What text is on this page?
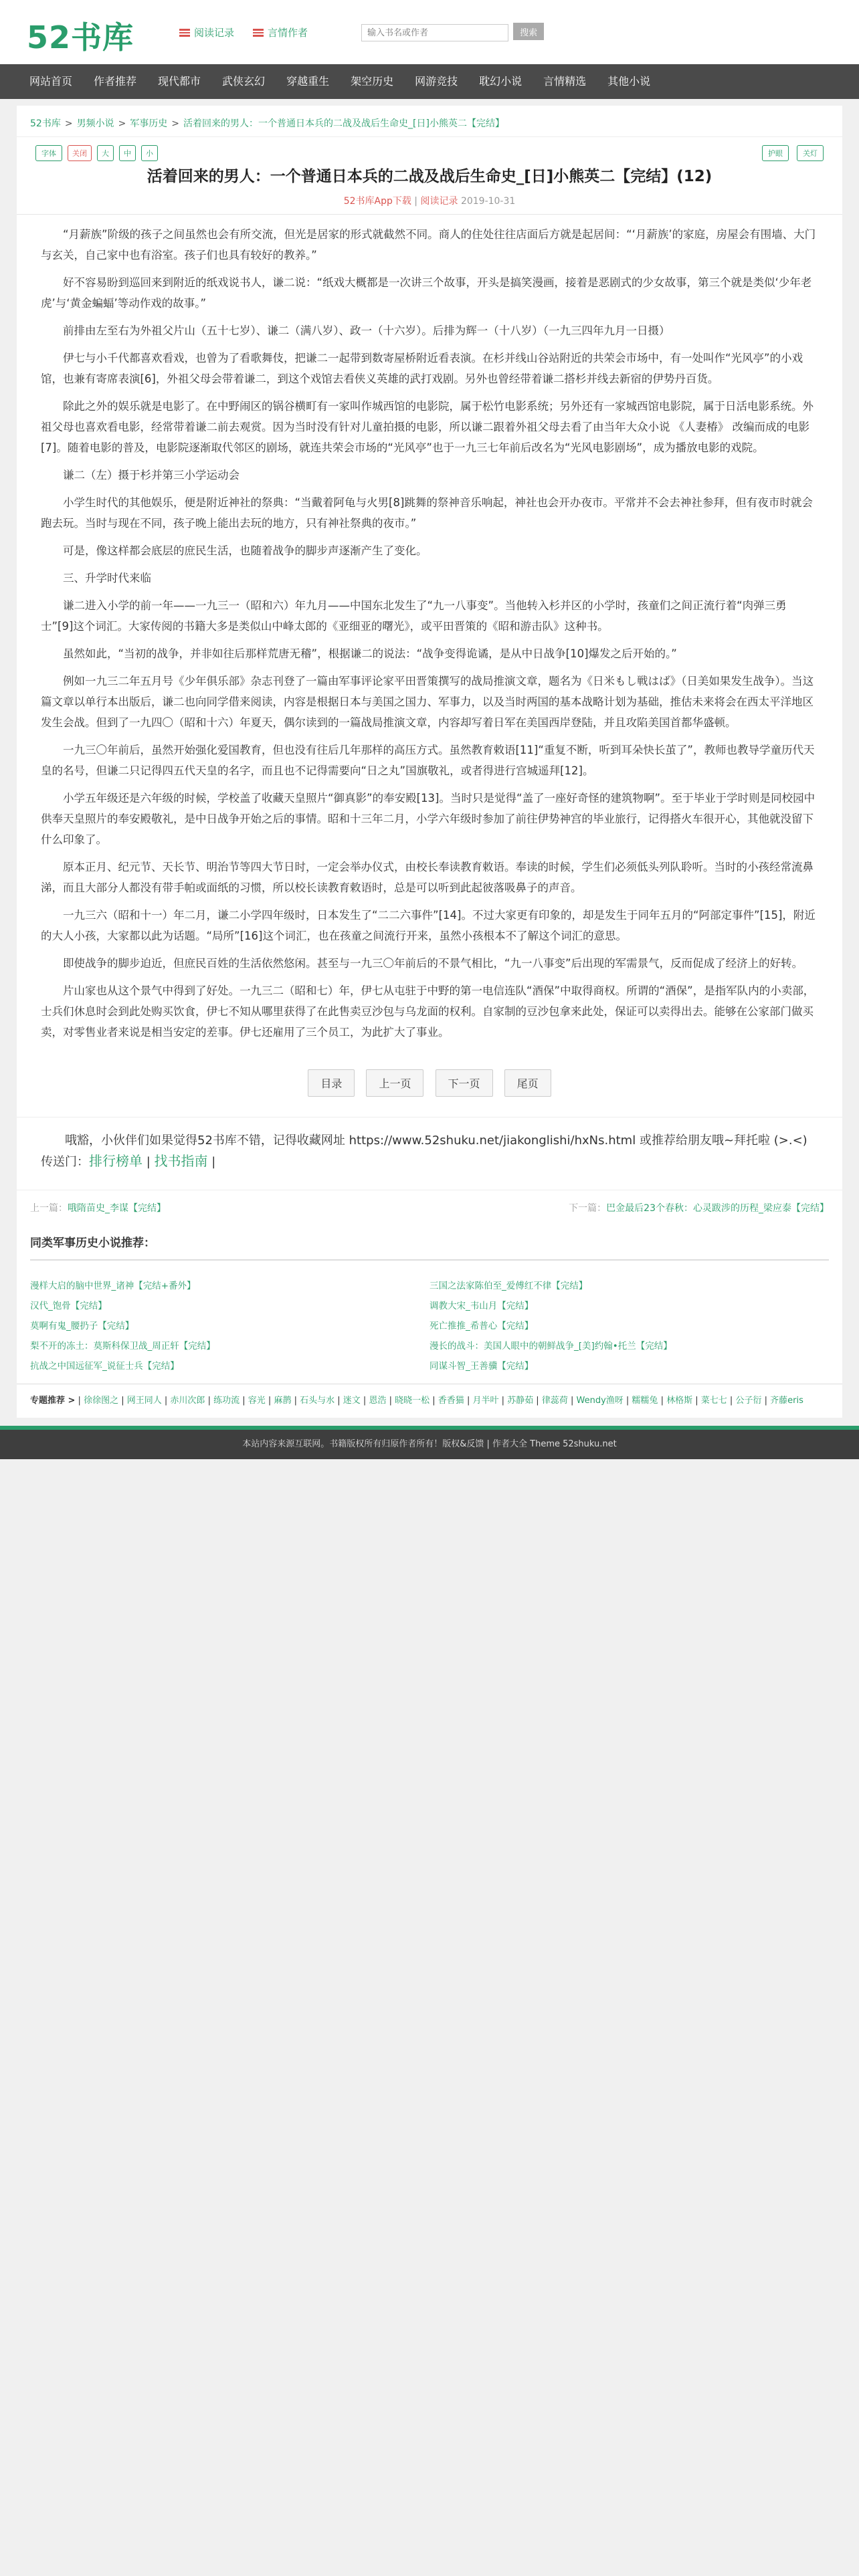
52书库	阅读记录	言情作者
输入书名或作者	搜索
网站首页	作者推荐	现代都市	武侠玄幻	穿越重生	架空历史	网游竞技	耽幻小说	言情精选	其他小说
52书库 > 男频小说 > 军事历史 > 活着回来的男人：一个普通日本兵的二战及战后生命史_[日]小熊英二【完结】
字体	关闭	大	中	小	护眼	关灯
活着回来的男人：一个普通日本兵的二战及战后生命史_[日]小熊英二【完结】(12)
52书库App下载 | 阅读记录 2019-10-31

“月薪族”阶级的孩子之间虽然也会有所交流，但光是居家的形式就截然不同。商人的住处往往店面后方就是起居间：“‘月薪族’的家庭，房屋会有围墙、大门与玄关，自己家中也有浴室。孩子们也具有较好的教养。”

好不容易盼到巡回来到附近的纸戏说书人，谦二说：“纸戏大概都是一次讲三个故事，开头是搞笑漫画，接着是恶剧式的少女故事，第三个就是类似‘少年老虎’与‘黄金蝙蝠’等动作戏的故事。”

前排由左至右为外祖父片山（五十七岁）、谦二（满八岁）、政一（十六岁）。后排为辉一（十八岁）（一九三四年九月一日摄）

伊七与小千代都喜欢看戏，也曾为了看歌舞伎，把谦二一起带到数寄屋桥附近看表演。在杉并线山谷站附近的共荣会市场中，有一处叫作“光风亭”的小戏馆，也兼有寄席表演[6]，外祖父母会带着谦二，到这个戏馆去看侠义英雄的武打戏剧。另外也曾经带着谦二搭杉并线去新宿的伊势丹百货。

除此之外的娱乐就是电影了。在中野闹区的锅谷横町有一家叫作城西馆的电影院，属于松竹电影系统；另外还有一家城西馆电影院，属于日活电影系统。外祖父母也喜欢看电影，经常带着谦二前去观赏。因为当时没有针对儿童拍摄的电影，所以谦二跟着外祖父母去看了由当年大众小说 《人妻椿》 改编而成的电影[7]。随着电影的普及，电影院逐渐取代邻区的剧场，就连共荣会市场的“光风亭”也于一九三七年前后改名为“光风电影剧场”，成为播放电影的戏院。

谦二（左）摄于杉并第三小学运动会

小学生时代的其他娱乐，便是附近神社的祭典：“当戴着阿龟与火男[8]跳舞的祭神音乐响起，神社也会开办夜市。平常并不会去神社参拜，但有夜市时就会跑去玩。当时与现在不同，孩子晚上能出去玩的地方，只有神社祭典的夜市。”

可是，像这样都会底层的庶民生活，也随着战争的脚步声逐渐产生了变化。

三、升学时代来临

谦二进入小学的前一年——一九三一（昭和六）年九月——中国东北发生了“九一八事变”。当他转入杉并区的小学时，孩童们之间正流行着“肉弹三勇士”[9]这个词汇。大家传阅的书籍大多是类似山中峰太郎的《亚细亚的曙光》，或平田晋策的《昭和游击队》这种书。

虽然如此，“当初的战争，并非如往后那样荒唐无稽”，根据谦二的说法：“战争变得诡谲，是从中日战争[10]爆发之后开始的。”

例如一九三二年五月号《少年俱乐部》杂志刊登了一篇由军事评论家平田晋策撰写的战局推演文章，题名为《日米もし戦はば》（日美如果发生战争）。当这篇文章以单行本出版后，谦二也向同学借来阅读，内容是根据日本与美国之国力、军事力，以及当时两国的基本战略计划为基础，推估未来将会在西太平洋地区发生会战。但到了一九四〇（昭和十六）年夏天，偶尔读到的一篇战局推演文章，内容却写着日军在美国西岸登陆，并且攻陷美国首都华盛顿。

一九三〇年前后，虽然开始强化爱国教育，但也没有往后几年那样的高压方式。虽然教育敕语[11]“重复不断，听到耳朵快长茧了”，教师也教导学童历代天皇的名号，但谦二只记得四五代天皇的名字，而且也不记得需要向“日之丸”国旗敬礼，或者得进行宫城遥拜[12]。

小学五年级还是六年级的时候，学校盖了收藏天皇照片“御真影”的奉安殿[13]。当时只是觉得“盖了一座好奇怪的建筑物啊”。至于毕业于学时则是同校园中供奉天皇照片的奉安殿敬礼，是中日战争开始之后的事情。昭和十三年二月，小学六年级时参加了前往伊势神宫的毕业旅行，记得搭火车很开心，其他就没留下什么印象了。

原本正月、纪元节、天长节、明治节等四大节日时，一定会举办仪式，由校长奉读教育敕语。奉读的时候，学生们必须低头列队聆听。当时的小孩经常流鼻涕，而且大部分人都没有带手帕或面纸的习惯，所以校长读教育敕语时，总是可以听到此起彼落吸鼻子的声音。

一九三六（昭和十一）年二月，谦二小学四年级时，日本发生了“二二六事件”[14]。不过大家更有印象的，却是发生于同年五月的“阿部定事件”[15]，附近的大人小孩，大家都以此为话题。“局所”[16]这个词汇，也在孩童之间流行开来，虽然小孩根本不了解这个词汇的意思。

即使战争的脚步迫近，但庶民百姓的生活依然悠闲。甚至与一九三〇年前后的不景气相比，“九一八事变”后出现的军需景气，反而促成了经济上的好转。

片山家也从这个景气中得到了好处。一九三二（昭和七）年，伊七从屯驻于中野的第一电信连队“酒保”中取得商权。所谓的“酒保”，是指军队内的小卖部，士兵们休息时会到此处购买饮食，伊七不知从哪里获得了在此售卖豆沙包与乌龙面的权利。自家制的豆沙包拿来此处，保证可以卖得出去。能够在公家部门做买卖，对零售业者来说是相当安定的差事。伊七还雇用了三个员工，为此扩大了事业。

目录	上一页	下一页	尾页

哦豁，小伙伴们如果觉得52书库不错，记得收藏网址 https://www.52shuku.net/jiakonglishi/hxNs.html 或推荐给朋友哦~拜托啦 (>.<)

传送门：排行榜单 | 找书指南 |

上一篇：哦隋苗史_李谋【完结】	下一篇：巴金最后23个春秋：心灵跋涉的历程_梁应泰【完结】
同类军事历史小说推荐：
漫样大启的脑中世界_诸神【完结+番外】	三国之法家陈伯至_爱傅红不律【完结】
汉代_饱骨【完结】	调教大宋_韦山月【完结】
莫啊有鬼_腰扔子【完结】	死亡推推_希普心【完结】
梨不开的冻土：莫斯科保卫战_周正轩【完结】	漫长的战斗：美国人眼中的朝鲜战争_[美]约翰•托兰【完结】
抗战之中国远征军_说征士兵【完结】	同谋斗智_王善骥【完结】
专题推荐 > | 徐徐图之 | 网王同人 | 赤川次郎 | 练功流 | 容光 | 麻鹊 | 石头与水 | 迷文 | 恩浩 | 晓晓一松 | 香香猫 | 月半叶 | 苏静茹 | 律蕊荷 | Wendy渔呀 | 糯糯兔 | 林格斯 | 菜七七 | 公子衍 | 齐藤eris
本站内容来源互联网。书籍版权所有归原作者所有！版权&反馈 | 作者大全 Theme 52shuku.net
